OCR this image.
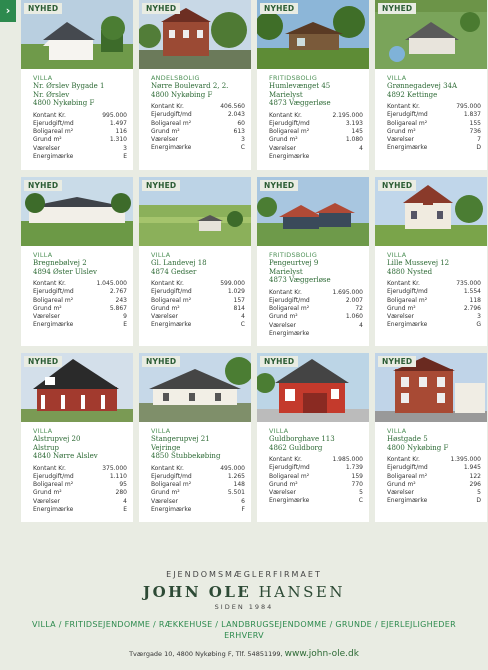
›	NYHED
VILLA
Nr. Ørslev Bygade 1
Nr. Ørslev
4800 Nykøbing F
Kontant Kr.	995.000
Ejerudgift/md	1.497
Boligareal m²	116
Grund m²	1.310
Værelser	3
Energimærke	E
NYHED
ANDELSBOLIG
Nørre Boulevard 2, 2.
4800 Nykøbing F
Kontant Kr.	406.560
Ejerudgift/md	2.043
Boligareal m²	60
Grund m²	613
Værelser	3
Energimærke	C
NYHED
FRITIDSBOLIG
Humlevænget 45
Marielyst
4873 Væggerløse
Kontant Kr.	2.195.000
Ejerudgift/md	3.193
Boligareal m²	145
Grund m²	1.080
Værelser	4
Energimærke
NYHED
VILLA
Grønnegadevej 34A
4892 Kettinge
Kontant Kr.	795.000
Ejerudgift/md	1.837
Boligareal m²	155
Grund m²	736
Værelser	7
Energimærke	D
NYHED
VILLA
Bregnebølvej 2
4894 Øster Ulslev
Kontant Kr.	1.045.000
Ejerudgift/md	2.767
Boligareal m²	243
Grund m²	5.867
Værelser	9
Energimærke	E
NYHED
VILLA
Gl. Landevej 18
4874 Gedser
Kontant Kr.	599.000
Ejerudgift/md	1.029
Boligareal m²	157
Grund m²	814
Værelser	4
Energimærke	C
NYHED
FRITIDSBOLIG
Pengeurtvej 9
Marielyst
4873 Væggerløse
Kontant Kr.	1.695.000
Ejerudgift/md	2.007
Boligareal m²	72
Grund m²	1.060
Værelser	4
Energimærke
NYHED
VILLA
Lille Mussevej 12
4880 Nysted
Kontant Kr.	735.000
Ejerudgift/md	1.554
Boligareal m²	118
Grund m²	2.796
Værelser	3
Energimærke	G
NYHED
VILLA
Alstrupvej 20
Alstrup
4840 Nørre Alslev
Kontant Kr.	375.000
Ejerudgift/md	1.110
Boligareal m²	95
Grund m²	280
Værelser	4
Energimærke	E
NYHED
VILLA
Stangerupvej 21
Vejringe
4850 Stubbekøbing
Kontant Kr.	495.000
Ejerudgift/md	1.265
Boligareal m²	148
Grund m²	5.501
Værelser	6
Energimærke	F
NYHED
VILLA
Guldborghave 113
4862 Guldborg
Kontant Kr.	1.985.000
Ejerudgift/md	1.739
Boligareal m²	159
Grund m²	770
Værelser	5
Energimærke	C
NYHED
VILLA
Høstgade 5
4800 Nykøbing F
Kontant Kr.	1.395.000
Ejerudgift/md	1.945
Boligareal m²	122
Grund m²	296
Værelser	5
Energimærke	D
EJENDOMSMÆGLERFIRMAET
JOHN OLE HANSEN
SIDEN 1984
VILLA / FRITIDSEJENDOMME / RÆKKEHUSE / LANDBRUGSEJENDOMME / GRUNDE / EJERLEJLIGHEDER
ERHVERV
Tværgade 10, 4800 Nykøbing F, Tlf. 54851199, www.john-ole.dk
